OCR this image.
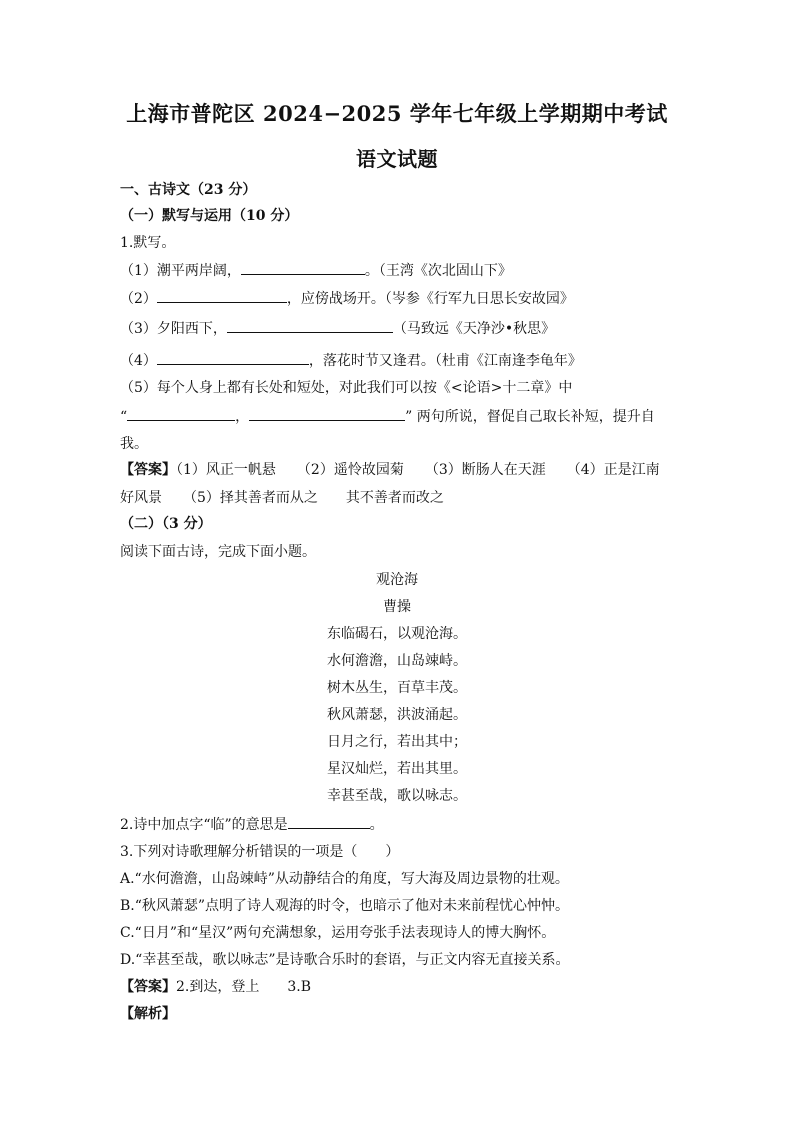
上海市普陀区 2024−2025 学年七年级上学期期中考试
语文试题
一、古诗文（23 分）
（一）默写与运用（10 分）
1.默写。
（1）潮平两岸阔，	。（王湾《次北固山下》
（2）	，应傍战场开。（岑参《行军九日思长安故园》
（3）夕阳西下，	（马致远《天净沙•秋思》
（4）	，落花时节又逢君。（杜甫《江南逢李龟年》
（5）每个人身上都有长处和短处，对此我们可以按《<论语>十二章》中
“	，	” 两句所说，督促自己取长补短，提升自
我。
【答案】（1）风正一帆悬　　（2）遥怜故园菊　　（3）断肠人在天涯　　（4）正是江南
好风景　　（5）择其善者而从之　　其不善者而改之
（二）（3 分）
阅读下面古诗，完成下面小题。
观沧海
曹操
东临碣石，以观沧海。
水何澹澹，山岛竦峙。
树木丛生，百草丰茂。
秋风萧瑟，洪波涌起。
日月之行，若出其中；
星汉灿烂，若出其里。
幸甚至哉，歌以咏志。
2.诗中加点字“临”的意思是	。
3.下列对诗歌理解分析错误的一项是（　　）
A.“水何澹澹，山岛竦峙”从动静结合的角度，写大海及周边景物的壮观。
B.“秋风萧瑟”点明了诗人观海的时令，也暗示了他对未来前程忧心忡忡。
C.“日月”和“星汉”两句充满想象，运用夸张手法表现诗人的博大胸怀。
D.“幸甚至哉，歌以咏志”是诗歌合乐时的套语，与正文内容无直接关系。
【答案】2.到达，登上　　3.B
【解析】
